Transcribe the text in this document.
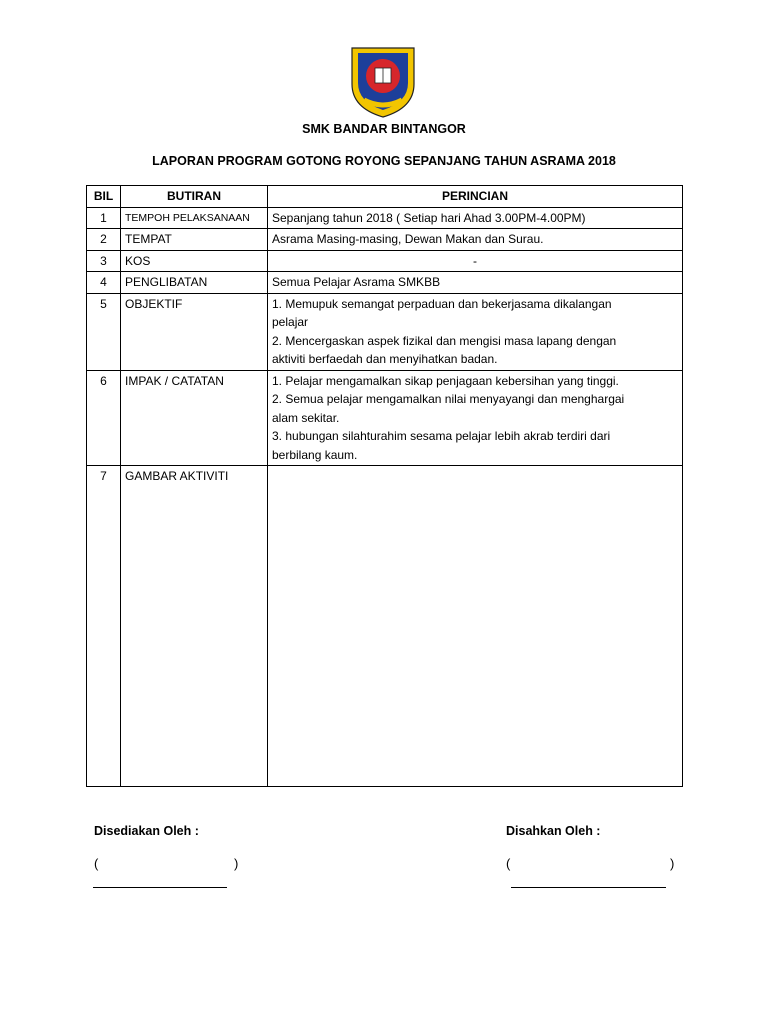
SMK BANDAR BINTANGOR
LAPORAN PROGRAM GOTONG ROYONG SEPANJANG TAHUN ASRAMA 2018
BIL	BUTIRAN	PERINCIAN
1	TEMPOH PELAKSANAAN	Sepanjang tahun 2018 ( Setiap hari Ahad 3.00PM-4.00PM)
2	TEMPAT	Asrama Masing-masing, Dewan Makan dan Surau.
3	KOS	-
4	PENGLIBATAN	Semua Pelajar Asrama SMKBB
5	OBJEKTIF	1. Memupuk semangat perpaduan dan bekerjasama dikalangan
pelajar
2. Mencergaskan aspek fizikal dan mengisi masa lapang dengan
aktiviti berfaedah dan menyihatkan badan.

6	IMPAK / CATATAN	1. Pelajar mengamalkan sikap penjagaan kebersihan yang tinggi.
2. Semua pelajar mengamalkan nilai menyayangi dan menghargai
alam sekitar.
3. hubungan silahturahim sesama pelajar lebih akrab terdiri dari
berbilang kaum.

7	GAMBAR AKTIVITI	
Disediakan Oleh :	Disahkan Oleh :
(	)	(	)
